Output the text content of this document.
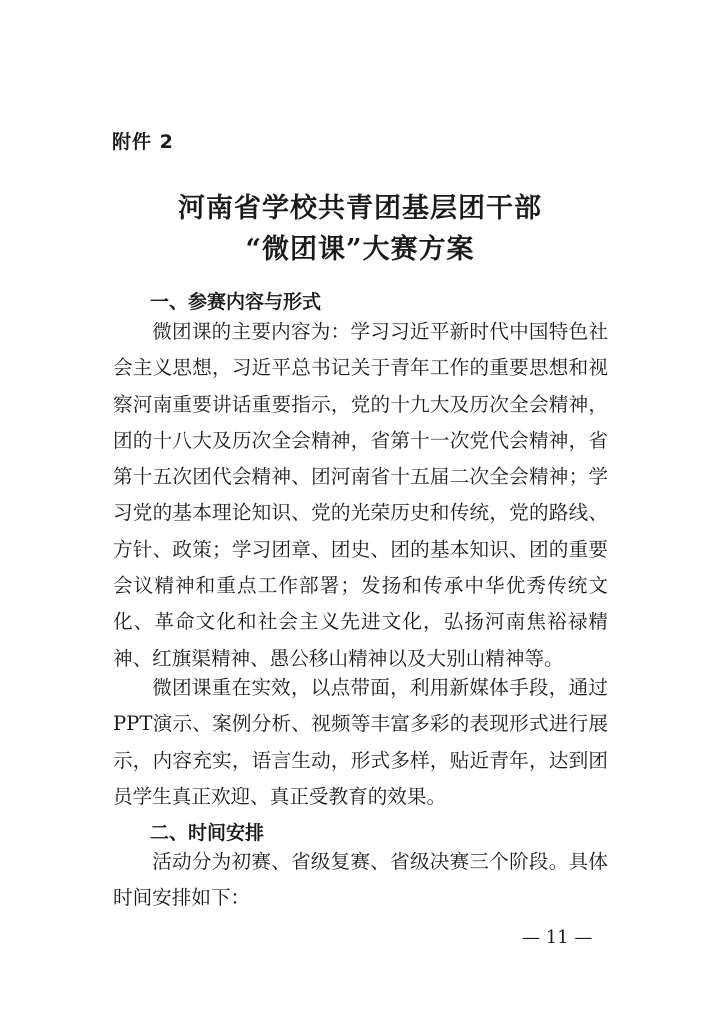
附件 2
河南省学校共青团基层团干部
“微团课”大赛方案
一、参赛内容与形式

微团课的主要内容为：学习习近平新时代中国特色社会主义思想，习近平总书记关于青年工作的重要思想和视察河南重要讲话重要指示，党的十九大及历次全会精神，团的十八大及历次全会精神，省第十一次党代会精神，省第十五次团代会精神、团河南省十五届二次全会精神；学习党的基本理论知识、党的光荣历史和传统，党的路线、方针、政策；学习团章、团史、团的基本知识、团的重要会议精神和重点工作部署；发扬和传承中华优秀传统文化、革命文化和社会主义先进文化，弘扬河南焦裕禄精神、红旗渠精神、愚公移山精神以及大别山精神等。

微团课重在实效，以点带面，利用新媒体手段，通过PPT演示、案例分析、视频等丰富多彩的表现形式进行展示，内容充实，语言生动，形式多样，贴近青年，达到团员学生真正欢迎、真正受教育的效果。

二、时间安排

活动分为初赛、省级复赛、省级决赛三个阶段。具体时间安排如下：

— 11 —
